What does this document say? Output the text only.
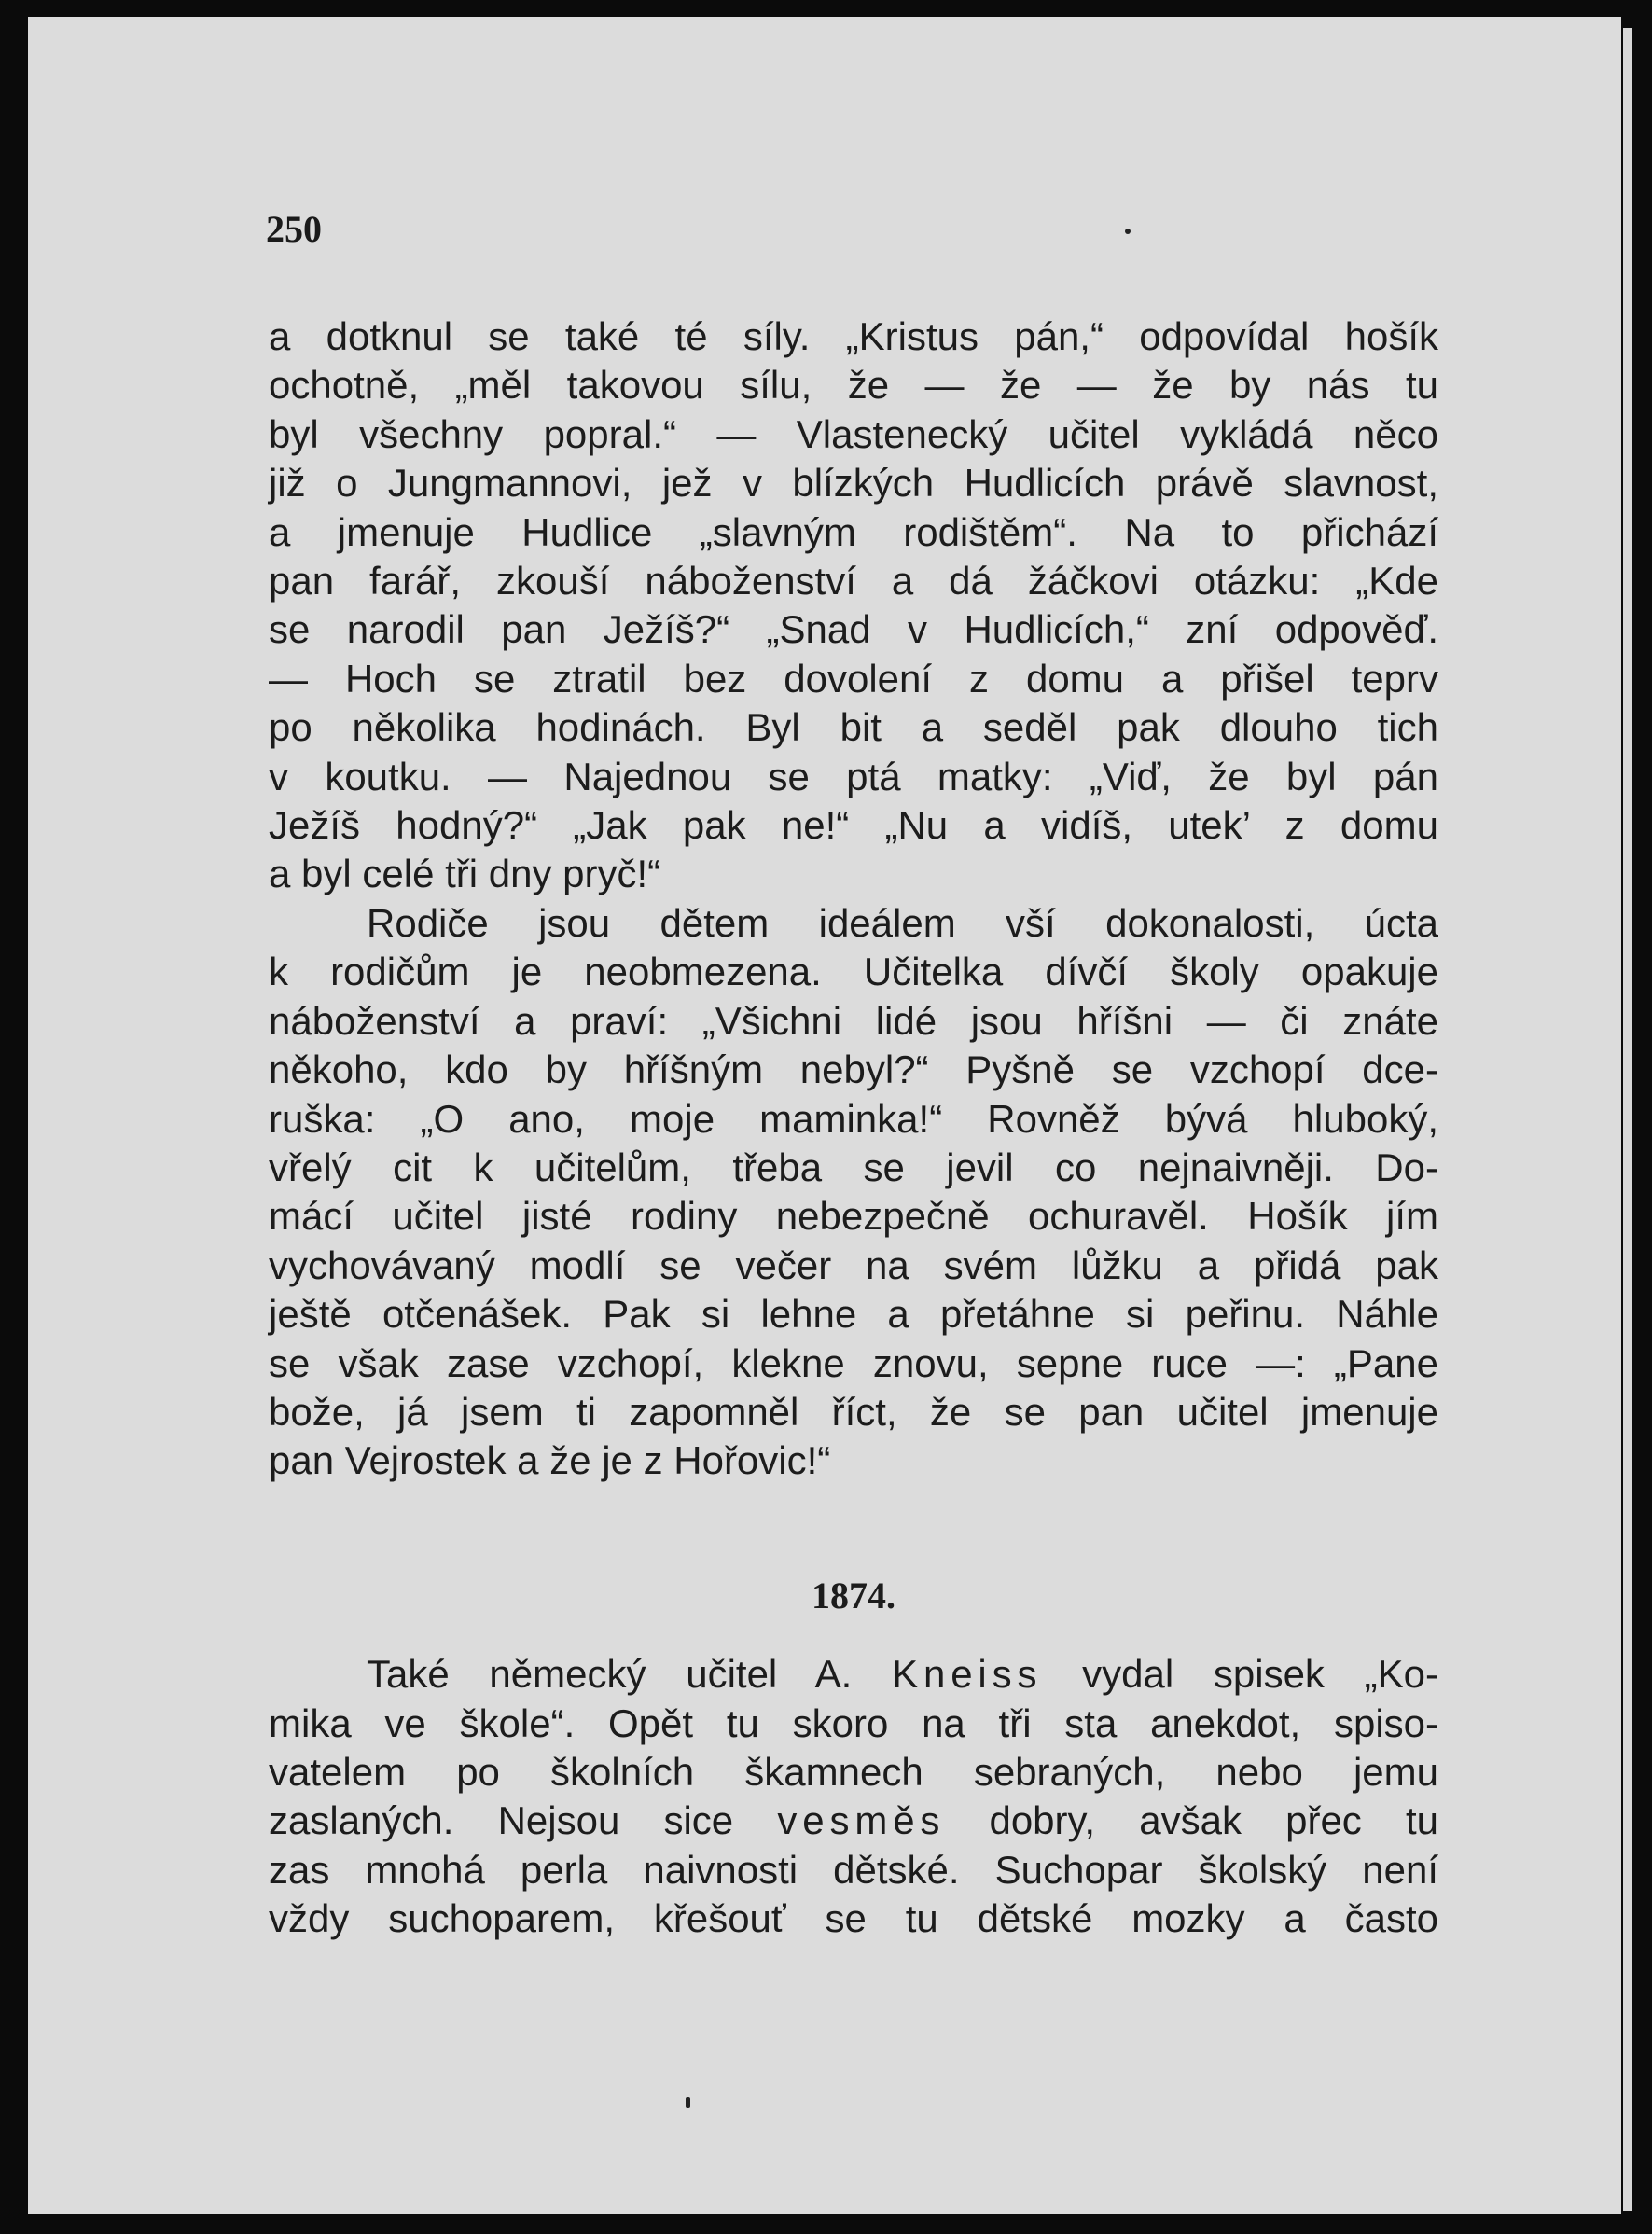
250

a dotknul se také té síly. „Kristus pán,“ odpovídal hošík
ochotně, „měl takovou sílu, že — že — že by nás tu
byl všechny popral.“ — Vlastenecký učitel vykládá něco
již o Jungmannovi, jež v blízkých Hudlicích právě slavnost,
a jmenuje Hudlice „slavným rodištěm“. Na to přichází
pan farář, zkouší náboženství a dá žáčkovi otázku: „Kde
se narodil pan Ježíš?“ „Snad v Hudlicích,“ zní odpověď.
— Hoch se ztratil bez dovolení z domu a přišel teprv
po několika hodinách. Byl bit a seděl pak dlouho tich
v koutku. — Najednou se ptá matky: „Viď, že byl pán
Ježíš hodný?“ „Jak pak ne!“ „Nu a vidíš, utek’ z domu
a byl celé tři dny pryč!“
Rodiče jsou dětem ideálem vší dokonalosti, úcta
k rodičům je neobmezena. Učitelka dívčí školy opakuje
náboženství a praví: „Všichni lidé jsou hříšni — či znáte
někoho, kdo by hříšným nebyl?“ Pyšně se vzchopí dce-
ruška: „O ano, moje maminka!“ Rovněž bývá hluboký,
vřelý cit k učitelům, třeba se jevil co nejnaivněji. Do-
mácí učitel jisté rodiny nebezpečně ochuravěl. Hošík jím
vychovávaný modlí se večer na svém lůžku a přidá pak
ještě otčenášek. Pak si lehne a přetáhne si peřinu. Náhle
se však zase vzchopí, klekne znovu, sepne ruce —: „Pane
bože, já jsem ti zapomněl říct, že se pan učitel jmenuje
pan Vejrostek a že je z Hořovic!“
1874.
Také německý učitel A. Kneiss vydal spisek „Ko-
mika ve škole“. Opět tu skoro na tři sta anekdot, spiso-
vatelem po školních škamnech sebraných, nebo jemu
zaslaných. Nejsou sice vesměs dobry, avšak přec tu
zas mnohá perla naivnosti dětské. Suchopar školský není
vždy suchoparem, křešouť se tu dětské mozky a často
